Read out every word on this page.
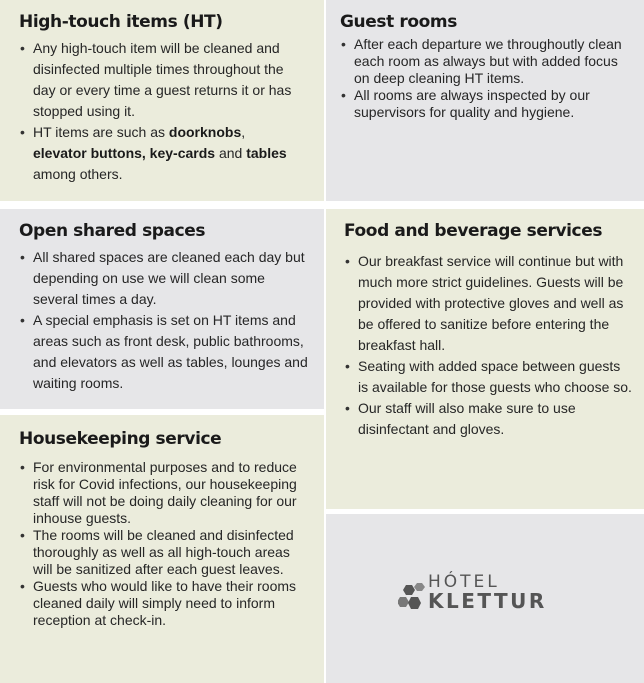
High-touch items (HT)
• Any high-touch item will be cleaned and disinfected multiple times throughout the day or every time a guest returns it or has stopped using it.
• HT items are such as doorknobs,
elevator buttons, key-cards and tables among others.
Guest rooms
• After each departure we throughoutly clean each room as always but with added focus on deep cleaning HT items.
• All rooms are always inspected by our supervisors for quality and hygiene.
Open shared spaces
• All shared spaces are cleaned each day but depending on use we will clean some several times a day.
• A special emphasis is set on HT items and areas such as front desk, public bathrooms, and elevators as well as tables, lounges and waiting rooms.
Food and beverage services
• Our breakfast service will continue but with much more strict guidelines. Guests will be provided with protective gloves and well as be offered to sanitize before entering the breakfast hall.
• Seating with added space between guests is available for those guests who choose so.
• Our staff will also make sure to use disinfectant and gloves.
Housekeeping service
• For environmental purposes and to reduce risk for Covid infections, our housekeeping staff will not be doing daily cleaning for our inhouse guests.
• The rooms will be cleaned and disinfected thoroughly as well as all high-touch areas will be sanitized after each guest leaves.
• Guests who would like to have their rooms cleaned daily will simply need to inform reception at check-in.
HÓTEL
KLETTUR
